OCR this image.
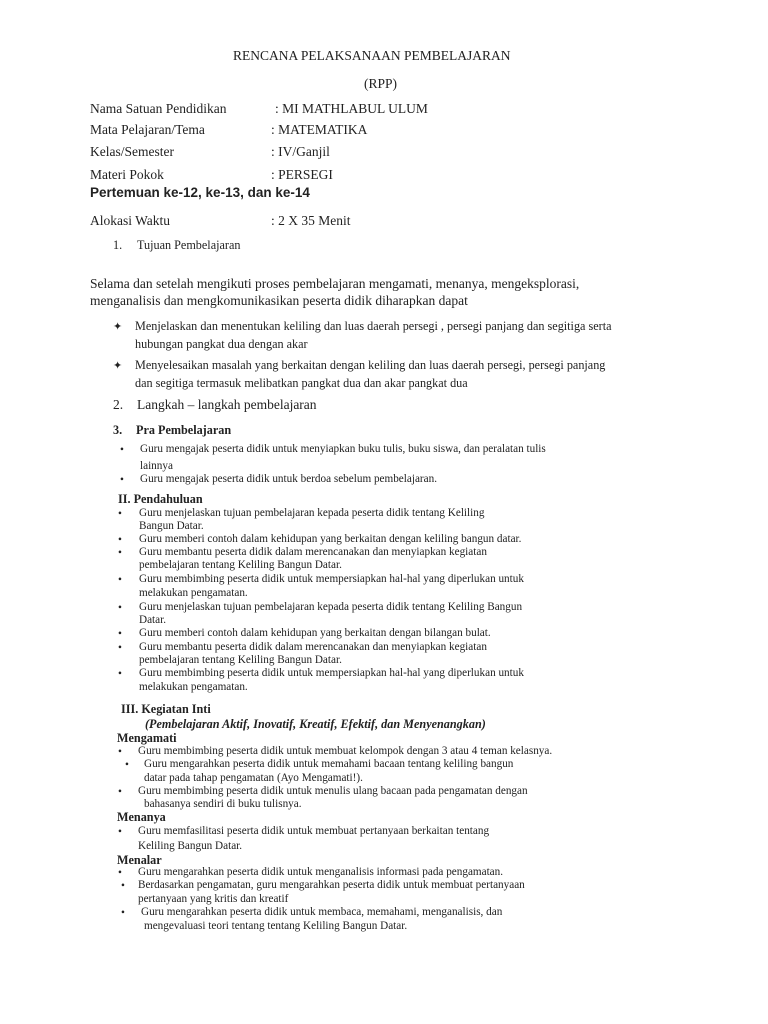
RENCANA PELAKSANAAN PEMBELAJARAN
(RPP)
Nama Satuan Pendidikan	: MI MATHLABUL ULUM
Mata Pelajaran/Tema	: MATEMATIKA
Kelas/Semester	: IV/Ganjil
Materi Pokok	: PERSEGI
Pertemuan ke-12, ke-13, dan ke-14
Alokasi Waktu	: 2 X 35 Menit
1. Tujuan Pembelajaran
Selama dan setelah mengikuti proses pembelajaran mengamati, menanya, mengeksplorasi,
menganalisis dan mengkomunikasikan peserta didik diharapkan dapat
✦ Menjelaskan dan menentukan keliling dan luas daerah persegi , persegi panjang dan segitiga serta
hubungan pangkat dua dengan akar
✦ Menyelesaikan masalah yang berkaitan dengan keliling dan luas daerah persegi, persegi panjang
dan segitiga termasuk melibatkan pangkat dua dan akar pangkat dua
2. Langkah – langkah pembelajaran
3. Pra Pembelajaran
• Guru mengajak peserta didik untuk menyiapkan buku tulis, buku siswa, dan peralatan tulis
lainnya
• Guru mengajak peserta didik untuk berdoa sebelum pembelajaran.
II. Pendahuluan
• Guru menjelaskan tujuan pembelajaran kepada peserta didik tentang Keliling
Bangun Datar.
• Guru memberi contoh dalam kehidupan yang berkaitan dengan keliling bangun datar.
• Guru membantu peserta didik dalam merencanakan dan menyiapkan kegiatan
pembelajaran tentang Keliling Bangun Datar.
• Guru membimbing peserta didik untuk mempersiapkan hal-hal yang diperlukan untuk
melakukan pengamatan.
• Guru menjelaskan tujuan pembelajaran kepada peserta didik tentang Keliling Bangun
Datar.
• Guru memberi contoh dalam kehidupan yang berkaitan dengan bilangan bulat.
• Guru membantu peserta didik dalam merencanakan dan menyiapkan kegiatan
pembelajaran tentang Keliling Bangun Datar.
• Guru membimbing peserta didik untuk mempersiapkan hal-hal yang diperlukan untuk
melakukan pengamatan.
III. Kegiatan Inti
(Pembelajaran Aktif, Inovatif, Kreatif, Efektif, dan Menyenangkan)
Mengamati
• Guru membimbing peserta didik untuk membuat kelompok dengan 3 atau 4 teman kelasnya.
• Guru mengarahkan peserta didik untuk memahami bacaan tentang keliling bangun
datar pada tahap pengamatan (Ayo Mengamati!).
• Guru membimbing peserta didik untuk menulis ulang bacaan pada pengamatan dengan
bahasanya sendiri di buku tulisnya.
Menanya
• Guru memfasilitasi peserta didik untuk membuat pertanyaan berkaitan tentang
Keliling Bangun Datar.
Menalar
• Guru mengarahkan peserta didik untuk menganalisis informasi pada pengamatan.
• Berdasarkan pengamatan, guru mengarahkan peserta didik untuk membuat pertanyaan
pertanyaan yang kritis dan kreatif
• Guru mengarahkan peserta didik untuk membaca, memahami, menganalisis, dan
mengevaluasi teori tentang tentang Keliling Bangun Datar.
